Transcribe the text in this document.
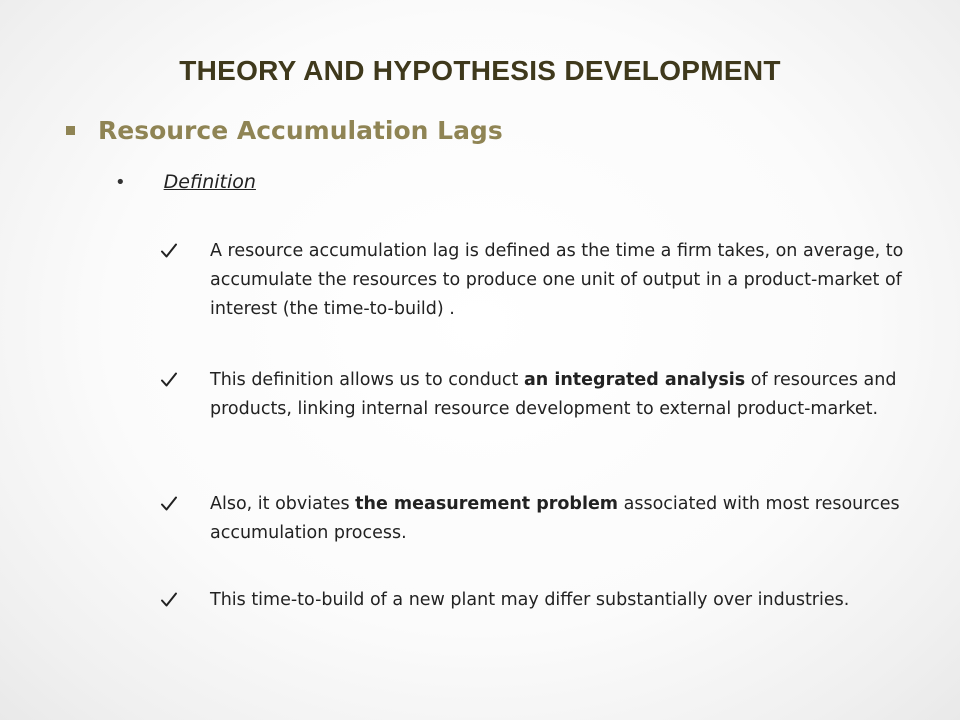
THEORY AND HYPOTHESIS DEVELOPMENT
Resource Accumulation Lags
• Definition
A resource accumulation lag is defined as the time a firm takes, on average, to accumulate the resources to produce one unit of output in a product-market of interest (the time-to-build) .
This definition allows us to conduct an integrated analysis of resources and products, linking internal resource development to external product-market.
Also, it obviates the measurement problem associated with most resources accumulation process.
This time-to-build of a new plant may differ substantially over industries.
